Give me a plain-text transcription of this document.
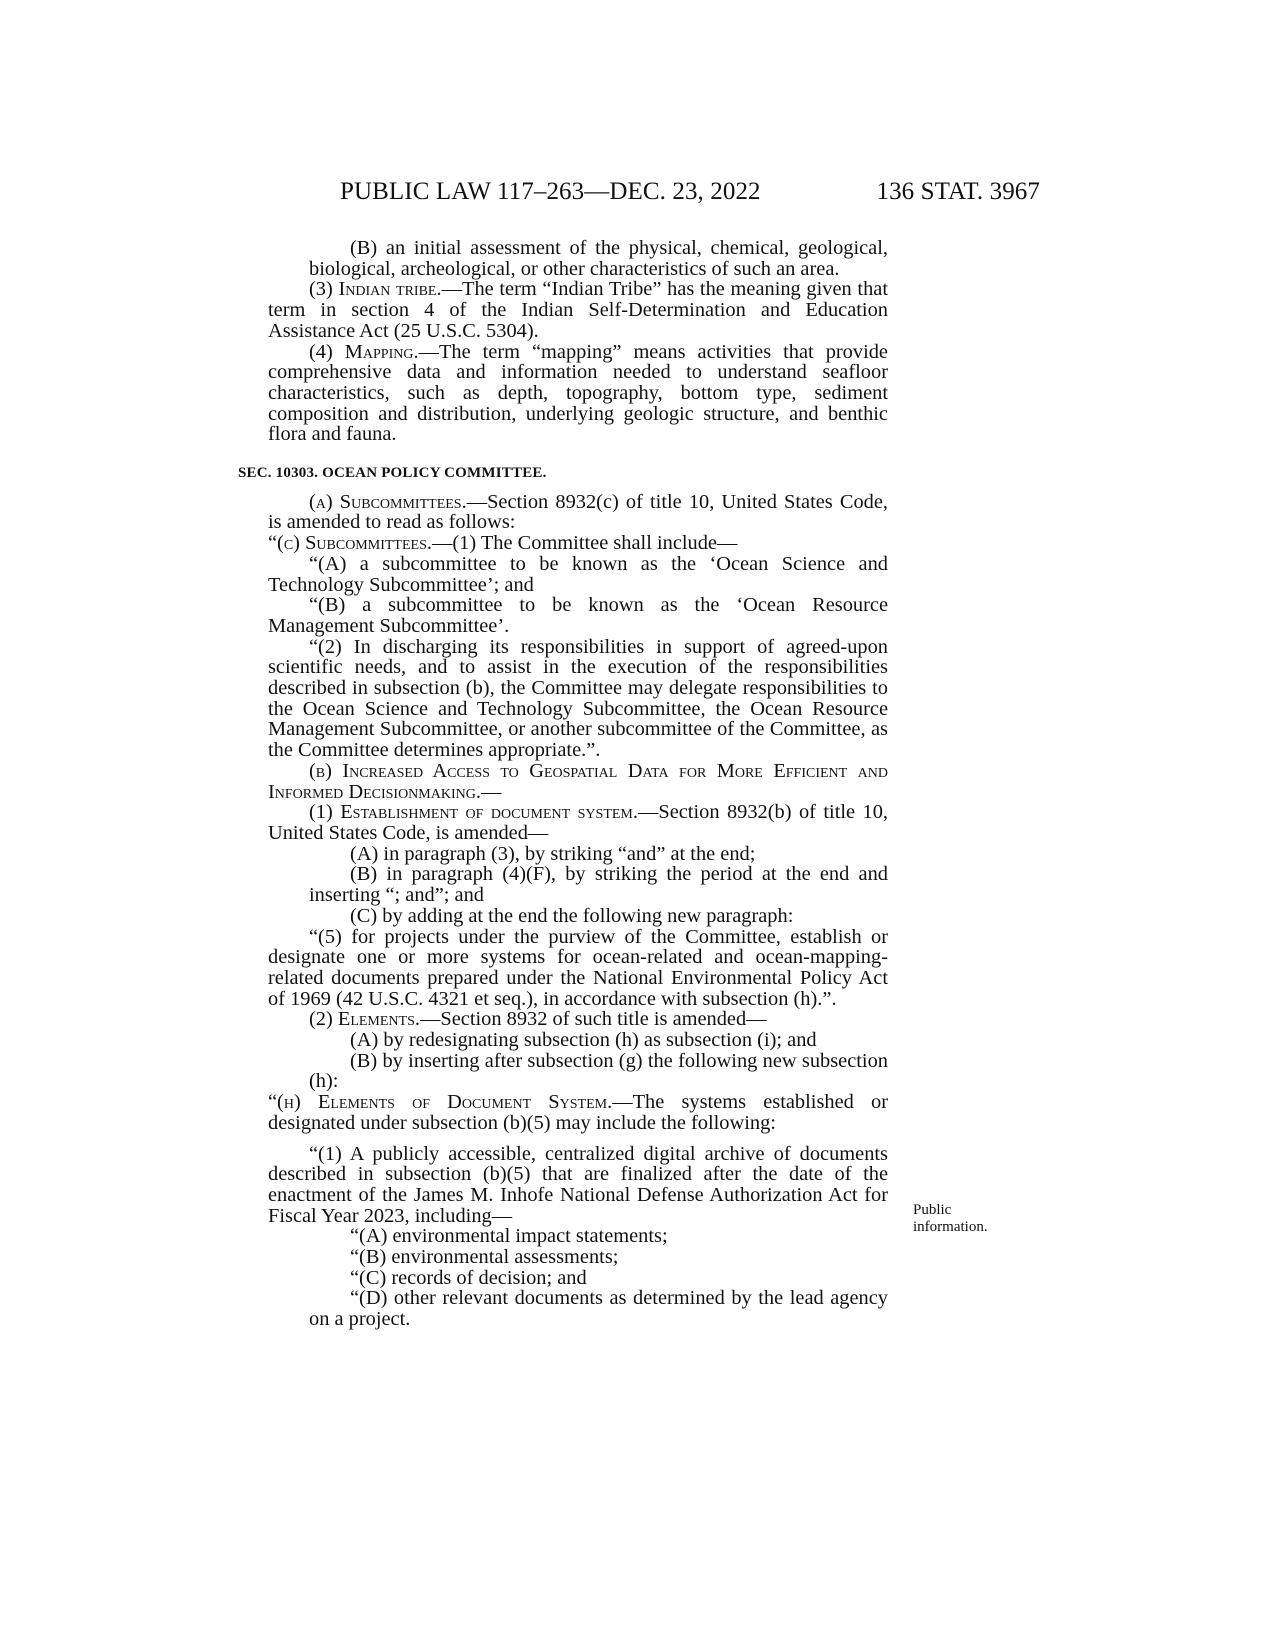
PUBLIC LAW 117–263—DEC. 23, 2022	136 STAT. 3967

(B) an initial assessment of the physical, chemical, geological, biological, archeological, or other characteristics of such an area.

(3) Indian tribe.—The term “Indian Tribe” has the meaning given that term in section 4 of the Indian Self-Determination and Education Assistance Act (25 U.S.C. 5304).

(4) Mapping.—The term “mapping” means activities that provide comprehensive data and information needed to understand seafloor characteristics, such as depth, topography, bottom type, sediment composition and distribution, underlying geologic structure, and benthic flora and fauna.

SEC. 10303. OCEAN POLICY COMMITTEE.

(a) Subcommittees.—Section 8932(c) of title 10, United States Code, is amended to read as follows:

“(c) Subcommittees.—(1) The Committee shall include—

“(A) a subcommittee to be known as the ‘Ocean Science and Technology Subcommittee’; and

“(B) a subcommittee to be known as the ‘Ocean Resource Management Subcommittee’.

“(2) In discharging its responsibilities in support of agreed-upon scientific needs, and to assist in the execution of the responsibilities described in subsection (b), the Committee may delegate responsibilities to the Ocean Science and Technology Subcommittee, the Ocean Resource Management Subcommittee, or another subcommittee of the Committee, as the Committee determines appropriate.”.

(b) Increased Access to Geospatial Data for More Efficient and Informed Decisionmaking.—

(1) Establishment of document system.—Section 8932(b) of title 10, United States Code, is amended—

(A) in paragraph (3), by striking “and” at the end;

(B) in paragraph (4)(F), by striking the period at the end and inserting “; and”; and

(C) by adding at the end the following new paragraph:

“(5) for projects under the purview of the Committee, establish or designate one or more systems for ocean-related and ocean-mapping-related documents prepared under the National Environmental Policy Act of 1969 (42 U.S.C. 4321 et seq.), in accordance with subsection (h).”.

(2) Elements.—Section 8932 of such title is amended—

(A) by redesignating subsection (h) as subsection (i); and

(B) by inserting after subsection (g) the following new subsection (h):

“(h) Elements of Document System.—The systems established or designated under subsection (b)(5) may include the following:

“(1) A publicly accessible, centralized digital archive of documents described in subsection (b)(5) that are finalized after the date of the enactment of the James M. Inhofe National Defense Authorization Act for Fiscal Year 2023, including—

“(A) environmental impact statements;

“(B) environmental assessments;

“(C) records of decision; and

“(D) other relevant documents as determined by the lead agency on a project.

Public
information.
